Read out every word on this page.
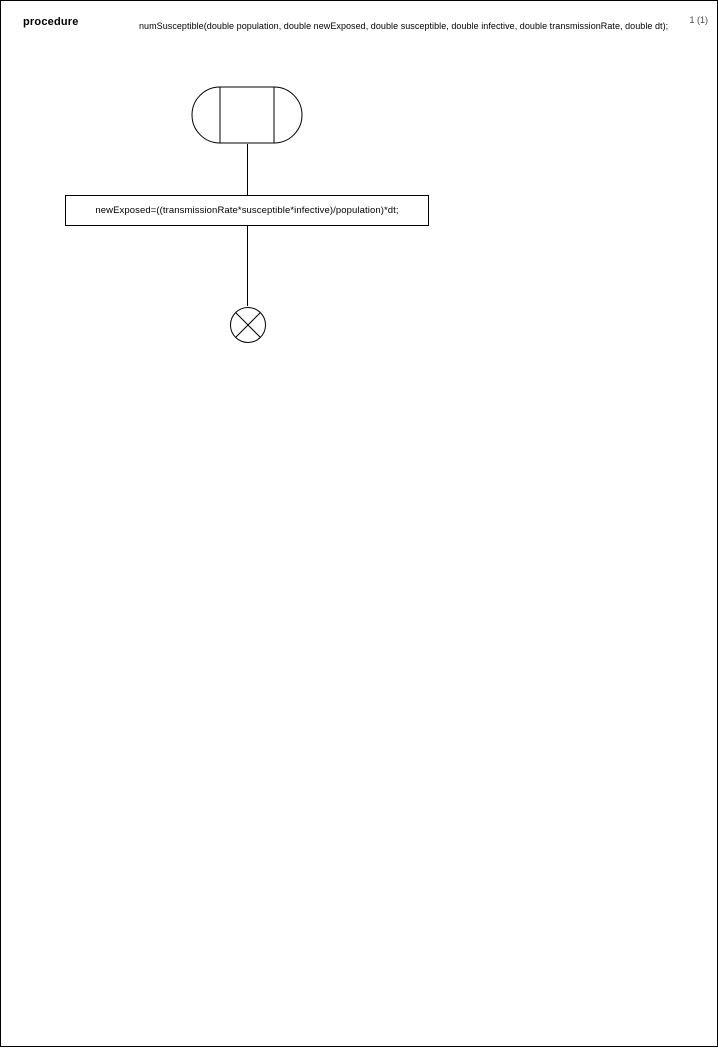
procedure	numSusceptible(double population, double newExposed, double susceptible, double infective, double transmissionRate, double dt);
1 (1)
newExposed=((transmissionRate*susceptible*infective)/population)*dt;
